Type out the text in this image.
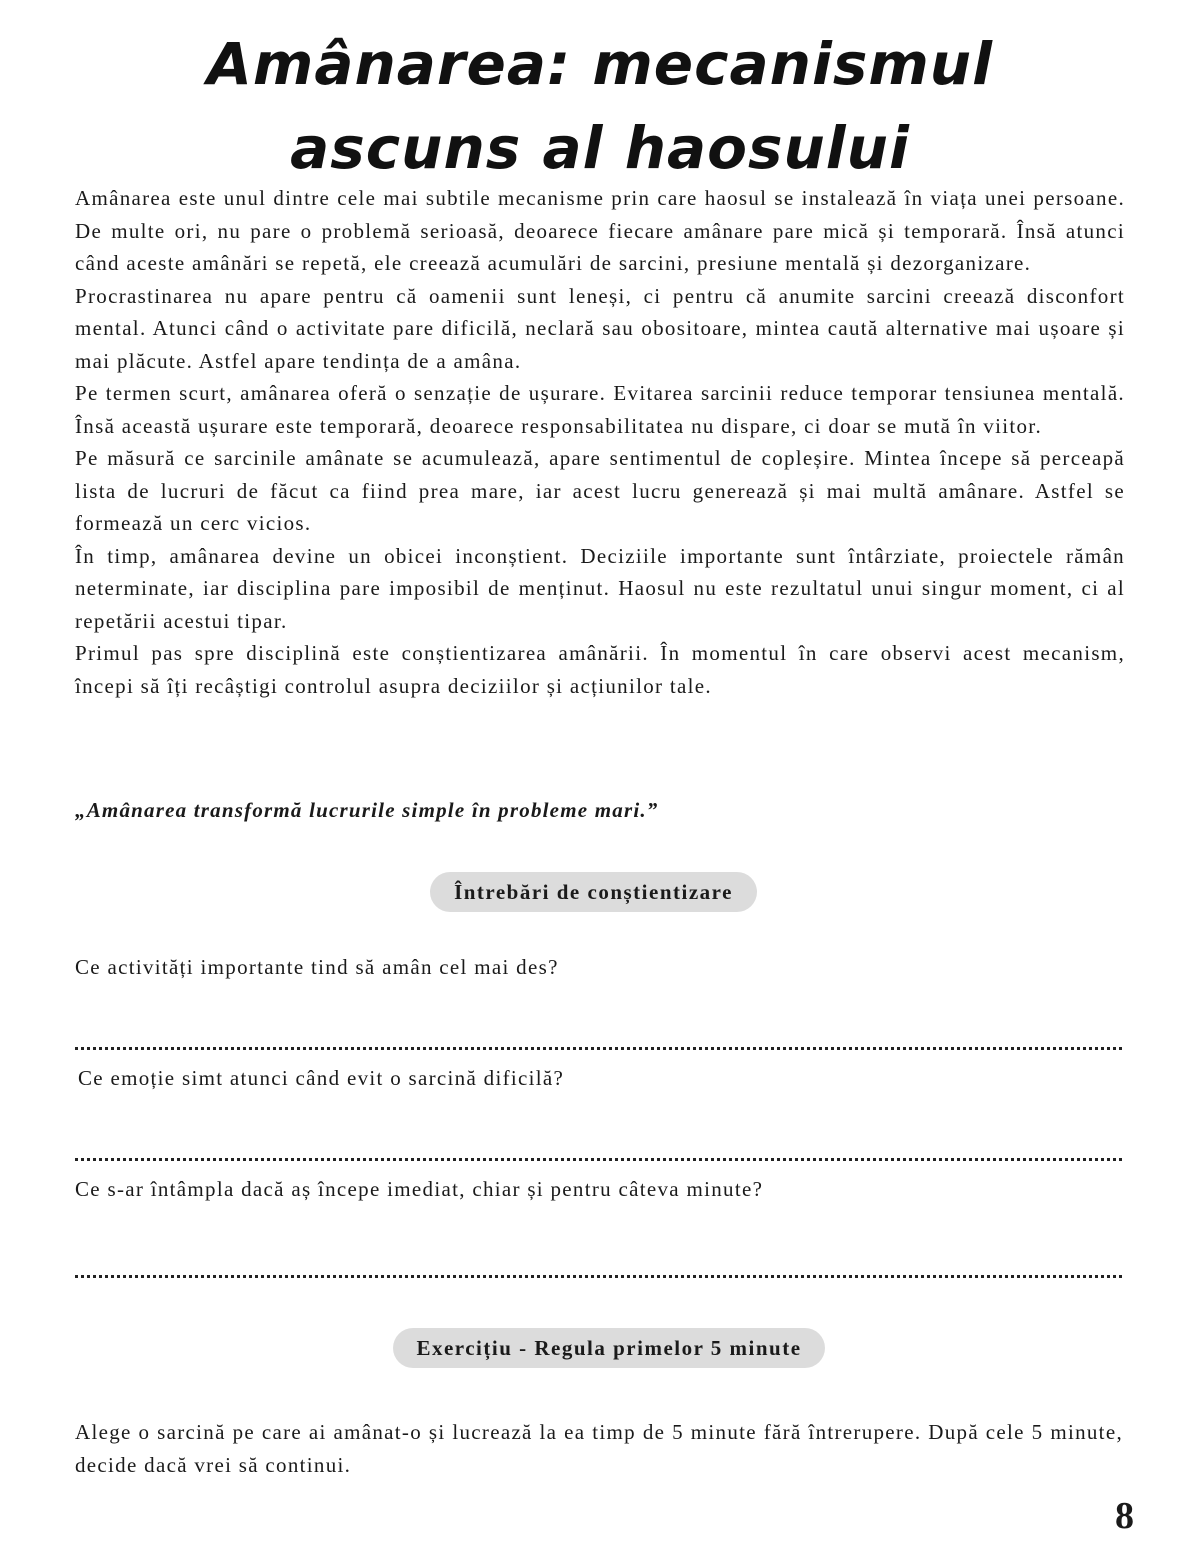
Amânarea: mecanismul ascuns al haosului

Amânarea este unul dintre cele mai subtile mecanisme prin care haosul se instalează în viața unei persoane. De multe ori, nu pare o problemă serioasă, deoarece fiecare amânare pare mică și temporară. Însă atunci când aceste amânări se repetă, ele creează acumulări de sarcini, presiune mentală și dezorganizare.

Procrastinarea nu apare pentru că oamenii sunt leneși, ci pentru că anumite sarcini creează disconfort mental. Atunci când o activitate pare dificilă, neclară sau obositoare, mintea caută alternative mai ușoare și mai plăcute. Astfel apare tendința de a amâna.

Pe termen scurt, amânarea oferă o senzație de ușurare. Evitarea sarcinii reduce temporar tensiunea mentală. Însă această ușurare este temporară, deoarece responsabilitatea nu dispare, ci doar se mută în viitor.

Pe măsură ce sarcinile amânate se acumulează, apare sentimentul de copleșire. Mintea începe să perceapă lista de lucruri de făcut ca fiind prea mare, iar acest lucru generează și mai multă amânare. Astfel se formează un cerc vicios.

În timp, amânarea devine un obicei inconștient. Deciziile importante sunt întârziate, proiectele rămân neterminate, iar disciplina pare imposibil de menținut. Haosul nu este rezultatul unui singur moment, ci al repetării acestui tipar.

Primul pas spre disciplină este conștientizarea amânării. În momentul în care observi acest mecanism, începi să îți recâștigi controlul asupra deciziilor și acțiunilor tale.

„Amânarea transformă lucrurile simple în probleme mari.”

Întrebări de conștientizare

Ce activități importante tind să amân cel mai des?

Ce emoție simt atunci când evit o sarcină dificilă?

Ce s-ar întâmpla dacă aș începe imediat, chiar și pentru câteva minute?

Exercițiu - Regula primelor 5 minute

Alege o sarcină pe care ai amânat-o și lucrează la ea timp de 5 minute fără întrerupere. După cele 5 minute, decide dacă vrei să continui.

8
